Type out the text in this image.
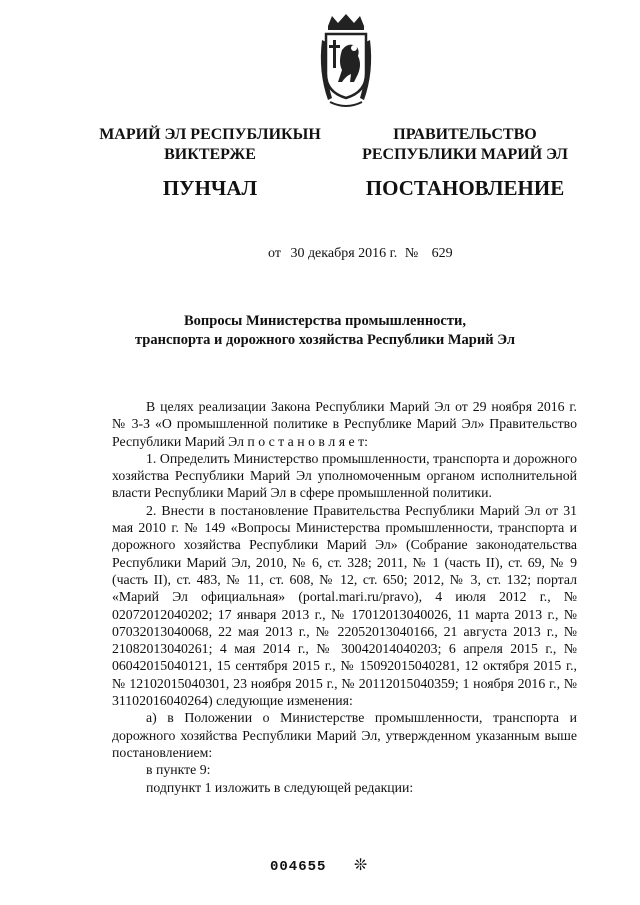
МАРИЙ ЭЛ РЕСПУБЛИКЫН
ВИКТЕРЖЕ
ПУНЧАЛ
ПРАВИТЕЛЬСТВО
РЕСПУБЛИКИ МАРИЙ ЭЛ
ПОСТАНОВЛЕНИЕ
от 30 декабря 2016 г. № 629
Вопросы Министерства промышленности,
транспорта и дорожного хозяйства Республики Марий Эл

В целях реализации Закона Республики Марий Эл от 29 ноября 2016 г. № 3-З «О промышленной политике в Республике Марий Эл» Правительство Республики Марий Эл п о с т а н о в л я е т:

1. Определить Министерство промышленности, транспорта и дорожного хозяйства Республики Марий Эл уполномоченным органом исполнительной власти Республики Марий Эл в сфере промышленной политики.

2. Внести в постановление Правительства Республики Марий Эл от 31 мая 2010 г. № 149 «Вопросы Министерства промышленности, транспорта и дорожного хозяйства Республики Марий Эл» (Собрание законодательства Республики Марий Эл, 2010, № 6, ст. 328; 2011, № 1 (часть II), ст. 69, № 9 (часть II), ст. 483, № 11, ст. 608, № 12, ст. 650; 2012, № 3, ст. 132; портал «Марий Эл официальная» (portal.mari.ru/pravo), 4 июля 2012 г., № 02072012040202; 17 января 2013 г., № 17012013040026, 11 марта 2013 г., № 07032013040068, 22 мая 2013 г., № 22052013040166, 21 августа 2013 г., № 21082013040261; 4 мая 2014 г., № 30042014040203; 6 апреля 2015 г., № 06042015040121, 15 сентября 2015 г., № 15092015040281, 12 октября 2015 г., № 12102015040301, 23 ноября 2015 г., № 20112015040359; 1 ноября 2016 г., № 31102016040264) следующие изменения:

а) в Положении о Министерстве промышленности, транспорта и дорожного хозяйства Республики Марий Эл, утвержденном указанным выше постановлением:

в пункте 9:

подпункт 1 изложить в следующей редакции:

004655 ❊
